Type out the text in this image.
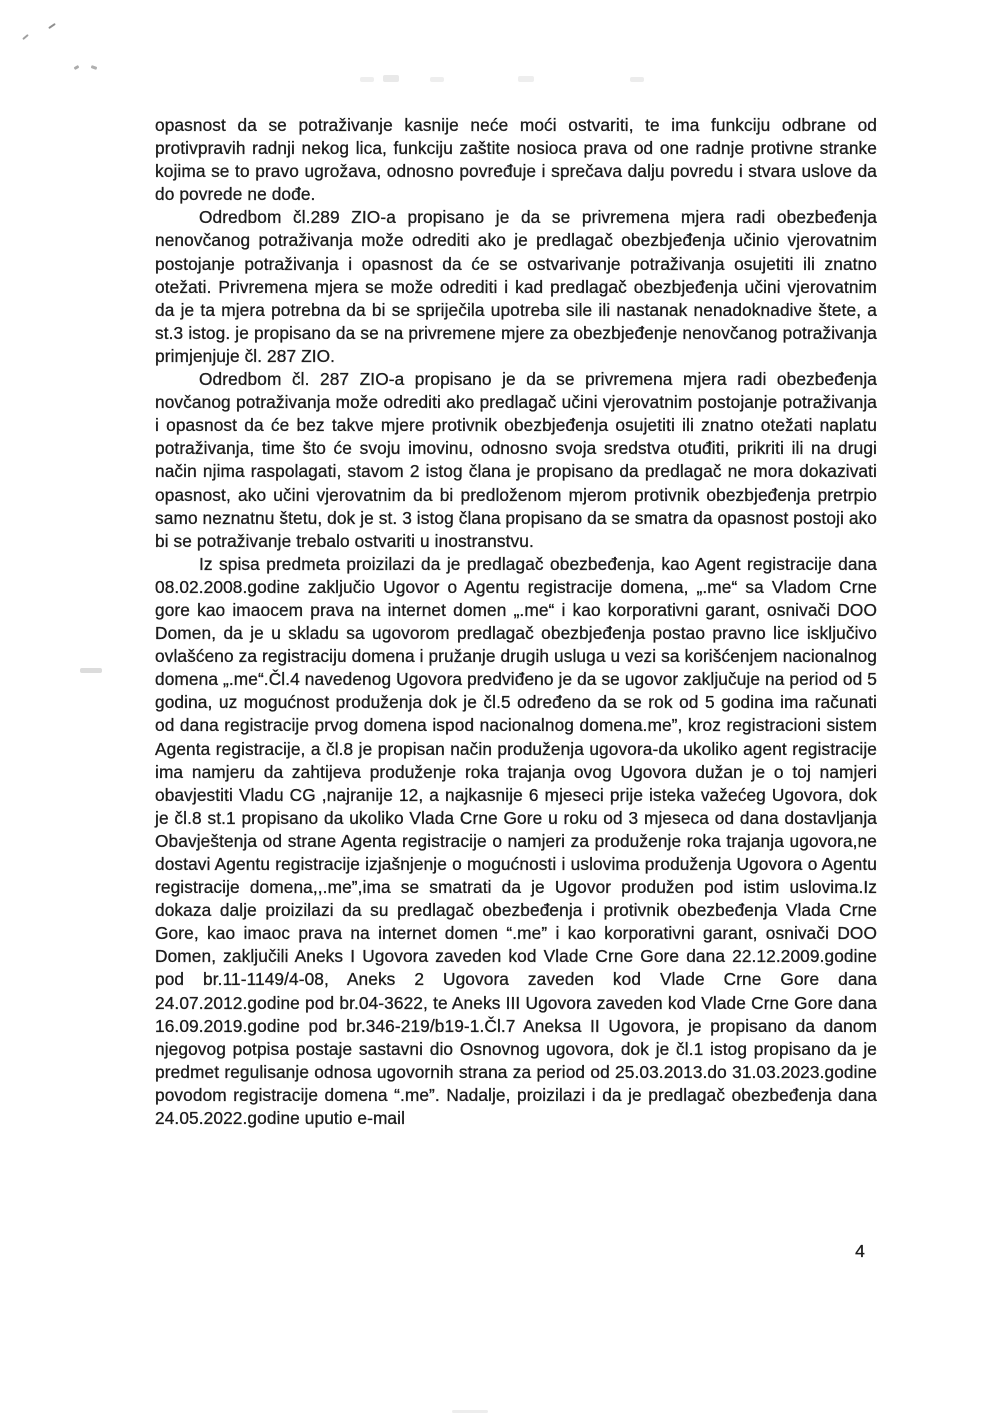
opasnost da se potraživanje kasnije neće moći ostvariti, te ima funkciju odbrane od protivpravih radnji nekog lica, funkciju zaštite nosioca prava od one radnje protivne stranke kojima se to pravo ugrožava, odnosno povređuje i sprečava dalju povredu i stvara uslove da do povrede ne dođe.

Odredbom čl.289 ZIO-a propisano je da se privremena mjera radi obezbeđenja nenovčanog potraživanja može odrediti ako je predlagač obezbjeđenja učinio vjerovatnim postojanje potraživanja i opasnost da će se ostvarivanje potraživanja osujetiti ili znatno otežati. Privremena mjera se može odrediti i kad predlagač obezbjeđenja učini vjerovatnim da je ta mjera potrebna da bi se spriječila upotreba sile ili nastanak nenadoknadive štete, a st.3 istog. je propisano da se na privremene mjere za obezbjeđenje nenovčanog potraživanja primjenjuje čl. 287 ZIO.

Odredbom čl. 287 ZIO-a propisano je da se privremena mjera radi obezbeđenja novčanog potraživanja može odrediti ako predlagač učini vjerovatnim postojanje potraživanja i opasnost da će bez takve mjere protivnik obezbjeđenja osujetiti ili znatno otežati naplatu potraživanja, time što će svoju imovinu, odnosno svoja sredstva otuđiti, prikriti ili na drugi način njima raspolagati, stavom 2 istog člana je propisano da predlagač ne mora dokazivati opasnost, ako učini vjerovatnim da bi predloženom mjerom protivnik obezbjeđenja pretrpio samo neznatnu štetu, dok je st. 3 istog člana propisano da se smatra da opasnost postoji ako bi se potraživanje trebalo ostvariti u inostranstvu.

Iz spisa predmeta proizilazi da je predlagač obezbeđenja, kao Agent registracije dana 08.02.2008.godine zaključio Ugovor o Agentu registracije domena, „.me“ sa Vladom Crne gore kao imaocem prava na internet domen „.me“ i kao korporativni garant, osnivači DOO Domen, da je u skladu sa ugovorom predlagač obezbjeđenja postao pravno lice isključivo ovlašćeno za registraciju domena i pružanje drugih usluga u vezi sa korišćenjem nacionalnog domena „.me“.Čl.4 navedenog Ugovora predviđeno je da se ugovor zaključuje na period od 5 godina, uz mogućnost produženja dok je čl.5 određeno da se rok od 5 godina ima računati od dana registracije prvog domena ispod nacionalnog domena.me”, kroz registracioni sistem Agenta registracije, a čl.8 je propisan način produženja ugovora-da ukoliko agent registracije ima namjeru da zahtijeva produženje roka trajanja ovog Ugovora dužan je o toj namjeri obavjestiti Vladu CG ,najranije 12, a najkasnije 6 mjeseci prije isteka važećeg Ugovora, dok je čl.8 st.1 propisano da ukoliko Vlada Crne Gore u roku od 3 mjeseca od dana dostavljanja Obavještenja od strane Agenta registracije o namjeri za produženje roka trajanja ugovora,ne dostavi Agentu registracije izjašnjenje o mogućnosti i uslovima produženja Ugovora o Agentu registracije domena,,.me”,ima se smatrati da je Ugovor produžen pod istim uslovima.Iz dokaza dalje proizilazi da su predlagač obezbeđenja i protivnik obezbeđenja Vlada Crne Gore, kao imaoc prava na internet domen “.me” i kao korporativni garant, osnivači DOO Domen, zaključili Aneks I Ugovora zaveden kod Vlade Crne Gore dana 22.12.2009.godine pod br.11-1149/4-08, Aneks 2 Ugovora zaveden kod Vlade Crne Gore dana 24.07.2012.godine pod br.04-3622, te Aneks III Ugovora zaveden kod Vlade Crne Gore dana 16.09.2019.godine pod br.346-219/b19-1.Čl.7 Aneksa II Ugovora, je propisano da danom njegovog potpisa postaje sastavni dio Osnovnog ugovora, dok je čl.1 istog propisano da je predmet regulisanje odnosa ugovornih strana za period od 25.03.2013.do 31.03.2023.godine povodom registracije domena “.me”. Nadalje, proizilazi i da je predlagač obezbeđenja dana 24.05.2022.godine uputio e-mail

4
